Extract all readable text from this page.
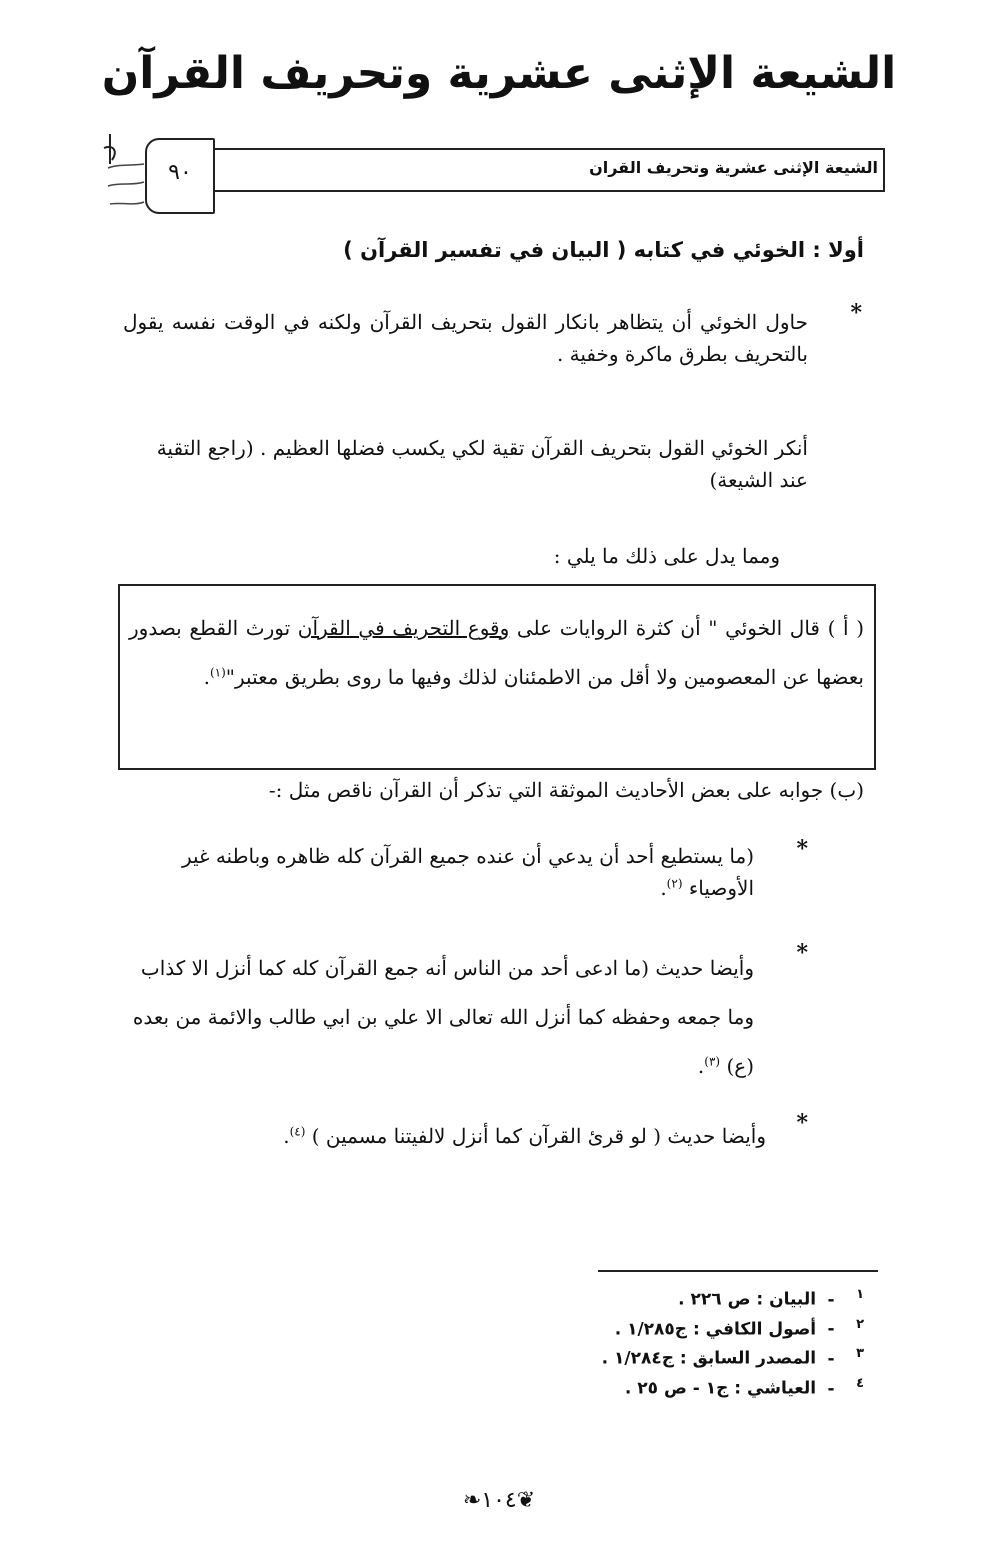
الشيعة الإثنى عشرية وتحريف القرآن
الشيعة الإثنى عشرية وتحريف القران
٩٠
أولا : الخوئي في كتابه ( البيان في تفسير القرآن )
*
حاول الخوئي أن يتظاهر بانكار القول بتحريف القرآن ولكنه في الوقت نفسه يقول بالتحريف بطرق ماكرة وخفية .
أنكر الخوئي القول بتحريف القرآن تقية لكي يكسب فضلها العظيم . (راجع التقية عند الشيعة)
ومما يدل على ذلك ما يلي :
( أ ) قال الخوئي " أن كثرة الروايات على وقوع التحريف في القرآن تورث القطع بصدور بعضها عن المعصومين ولا أقل من الاطمئنان لذلك وفيها ما روى بطريق معتبر"$^{(١)}$.
(ب) جوابه على بعض الأحاديث الموثقة التي تذكر أن القرآن ناقص مثل :-
*
(ما يستطيع أحد أن يدعي أن عنده جميع القرآن كله ظاهره وباطنه غير الأوصياء $^{(٢)}$.
*
وأيضا حديث (ما ادعى أحد من الناس أنه جمع القرآن كله كما أنزل الا كذاب وما جمعه وحفظه كما أنزل الله تعالى الا علي بن ابي طالب والائمة من بعده (ع) $^{(٣)}$.
*
وأيضا حديث ( لو قرئ القرآن كما أنزل لالفيتنا مسمين ) $^{(٤)}$.
١- البيان : ص ٢٢٦ .
٢- أصول الكافي : ج١/٢٨٥ .
٣- المصدر السابق : ج١/٢٨٤ .
٤- العياشي : ج١ - ص ٢٥ .
❦١٠٤❧
